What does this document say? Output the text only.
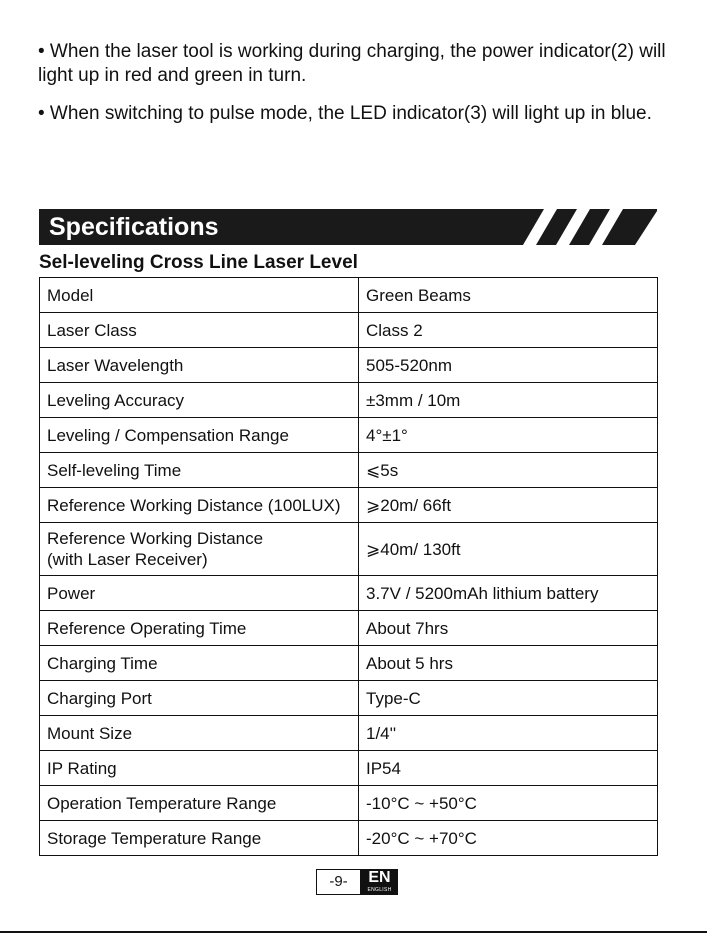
• When the laser tool is working during charging, the power indicator(2) will light up in red and green in turn.

• When switching to pulse mode, the LED indicator(3) will light up in blue.

Specifications
Sel-leveling Cross Line Laser Level
Model	Green Beams
Laser Class	Class 2
Laser Wavelength	505-520nm
Leveling Accuracy	±3mm / 10m
Leveling / Compensation Range	4°±1°
Self-leveling Time	⩽5s
Reference Working Distance (100LUX)	⩾20m/ 66ft

Reference Working Distance
(with Laser Receiver)	⩾40m/ 130ft
Power	3.7V / 5200mAh lithium battery
Reference Operating Time	About 7hrs
Charging Time	About 5 hrs
Charging Port	Type-C
Mount Size	1/4''
IP Rating	IP54
Operation Temperature Range	-10°C ~ +50°C
Storage Temperature Range	-20°C ~ +70°C
-9-	EN
ENGLISH
